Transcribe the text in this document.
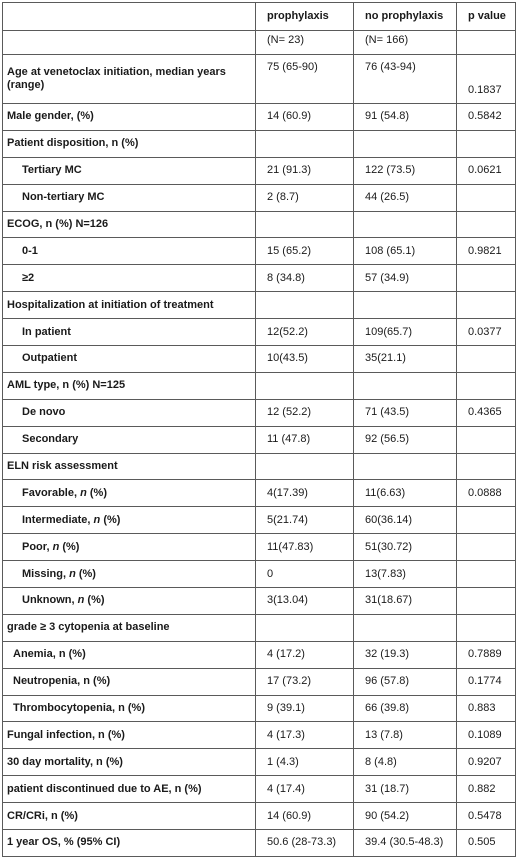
	prophylaxis	no prophylaxis	p value
	(N= 23)	(N= 166)	
Age at venetoclax initiation, median years (range)	75 (65-90)	76 (43-94)	0.1837
Male gender, (%)	14 (60.9)	91 (54.8)	0.5842
Patient disposition, n (%)			
Tertiary MC	21 (91.3)	122 (73.5)	0.0621
Non-tertiary MC	2 (8.7)	44 (26.5)	
ECOG, n (%) N=126			
0-1	15 (65.2)	108 (65.1)	0.9821
≥2	8 (34.8)	57 (34.9)	
Hospitalization at initiation of treatment			
In patient	12(52.2)	109(65.7)	0.0377
Outpatient	10(43.5)	35(21.1)	
AML type, n (%) N=125			
De novo	12 (52.2)	71 (43.5)	0.4365
Secondary	11 (47.8)	92 (56.5)	
ELN risk assessment			
Favorable, n (%)	4(17.39)	11(6.63)	0.0888
Intermediate, n (%)	5(21.74)	60(36.14)	
Poor, n (%)	11(47.83)	51(30.72)	
Missing, n (%)	0	13(7.83)	
Unknown, n (%)	3(13.04)	31(18.67)	
grade ≥ 3 cytopenia at baseline			
Anemia, n (%)	4 (17.2)	32 (19.3)	0.7889
Neutropenia, n (%)	17 (73.2)	96 (57.8)	0.1774
Thrombocytopenia, n (%)	9 (39.1)	66 (39.8)	0.883
Fungal infection, n (%)	4 (17.3)	13 (7.8)	0.1089
30 day mortality, n (%)	1 (4.3)	8 (4.8)	0.9207
patient discontinued due to AE, n (%)	4 (17.4)	31 (18.7)	0.882
CR/CRi, n (%)	14 (60.9)	90 (54.2)	0.5478
1 year OS, % (95% CI)	50.6 (28-73.3)	39.4 (30.5-48.3)	0.505
